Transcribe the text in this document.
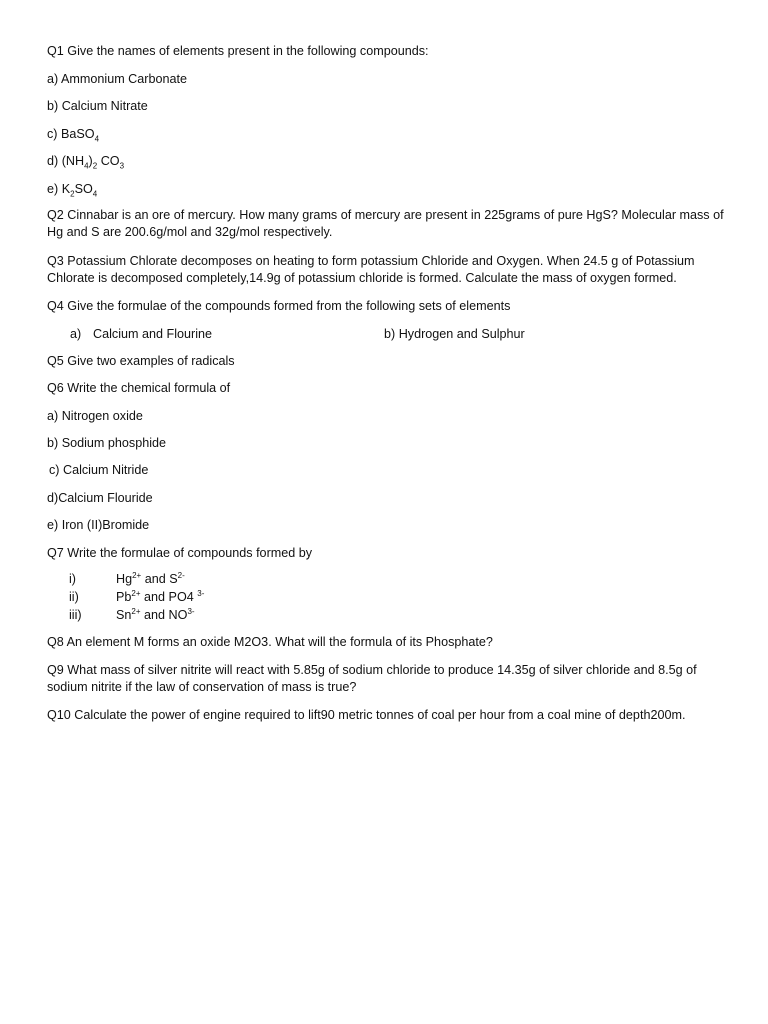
Q1 Give the names of elements present in the following compounds:
a) Ammonium Carbonate
b) Calcium Nitrate
c) BaSO$_4$
d) $(NH_4)_2$ $CO_3$
e) $K_2SO_4$
Q2 Cinnabar is an ore of mercury. How many grams of mercury are present in 225grams of pure HgS? Molecular mass of Hg and S are 200.6g/mol and 32g/mol respectively.
Q3 Potassium Chlorate decomposes on heating to form potassium Chloride and Oxygen. When 24.5 g of Potassium Chlorate is decomposed completely,14.9g of potassium chloride is formed. Calculate the mass of oxygen formed.
Q4 Give the formulae of the compounds formed from the following sets of elements
a) Calcium and Flourine	b) Hydrogen and Sulphur
Q5 Give two examples of radicals
Q6 Write the chemical formula of
a) Nitrogen oxide
b) Sodium phosphide
c) Calcium Nitride
d)Calcium Flouride
e) Iron (II)Bromide
Q7 Write the formulae of compounds formed by
i)	$Hg^{2+}$ and $S^{2-}$
ii)	$Pb^{2+}$ and PO4 $^{3-}$
iii)	$Sn^{2+}$ and $NO^{3-}$
Q8 An element M forms an oxide M2O3. What will the formula of its Phosphate?
Q9 What mass of silver nitrite will react with 5.85g of sodium chloride to produce 14.35g of silver chloride and 8.5g of sodium nitrite if the law of conservation of mass is true?
Q10 Calculate the power of engine required to lift90 metric tonnes of coal per hour from a coal mine of depth200m.
